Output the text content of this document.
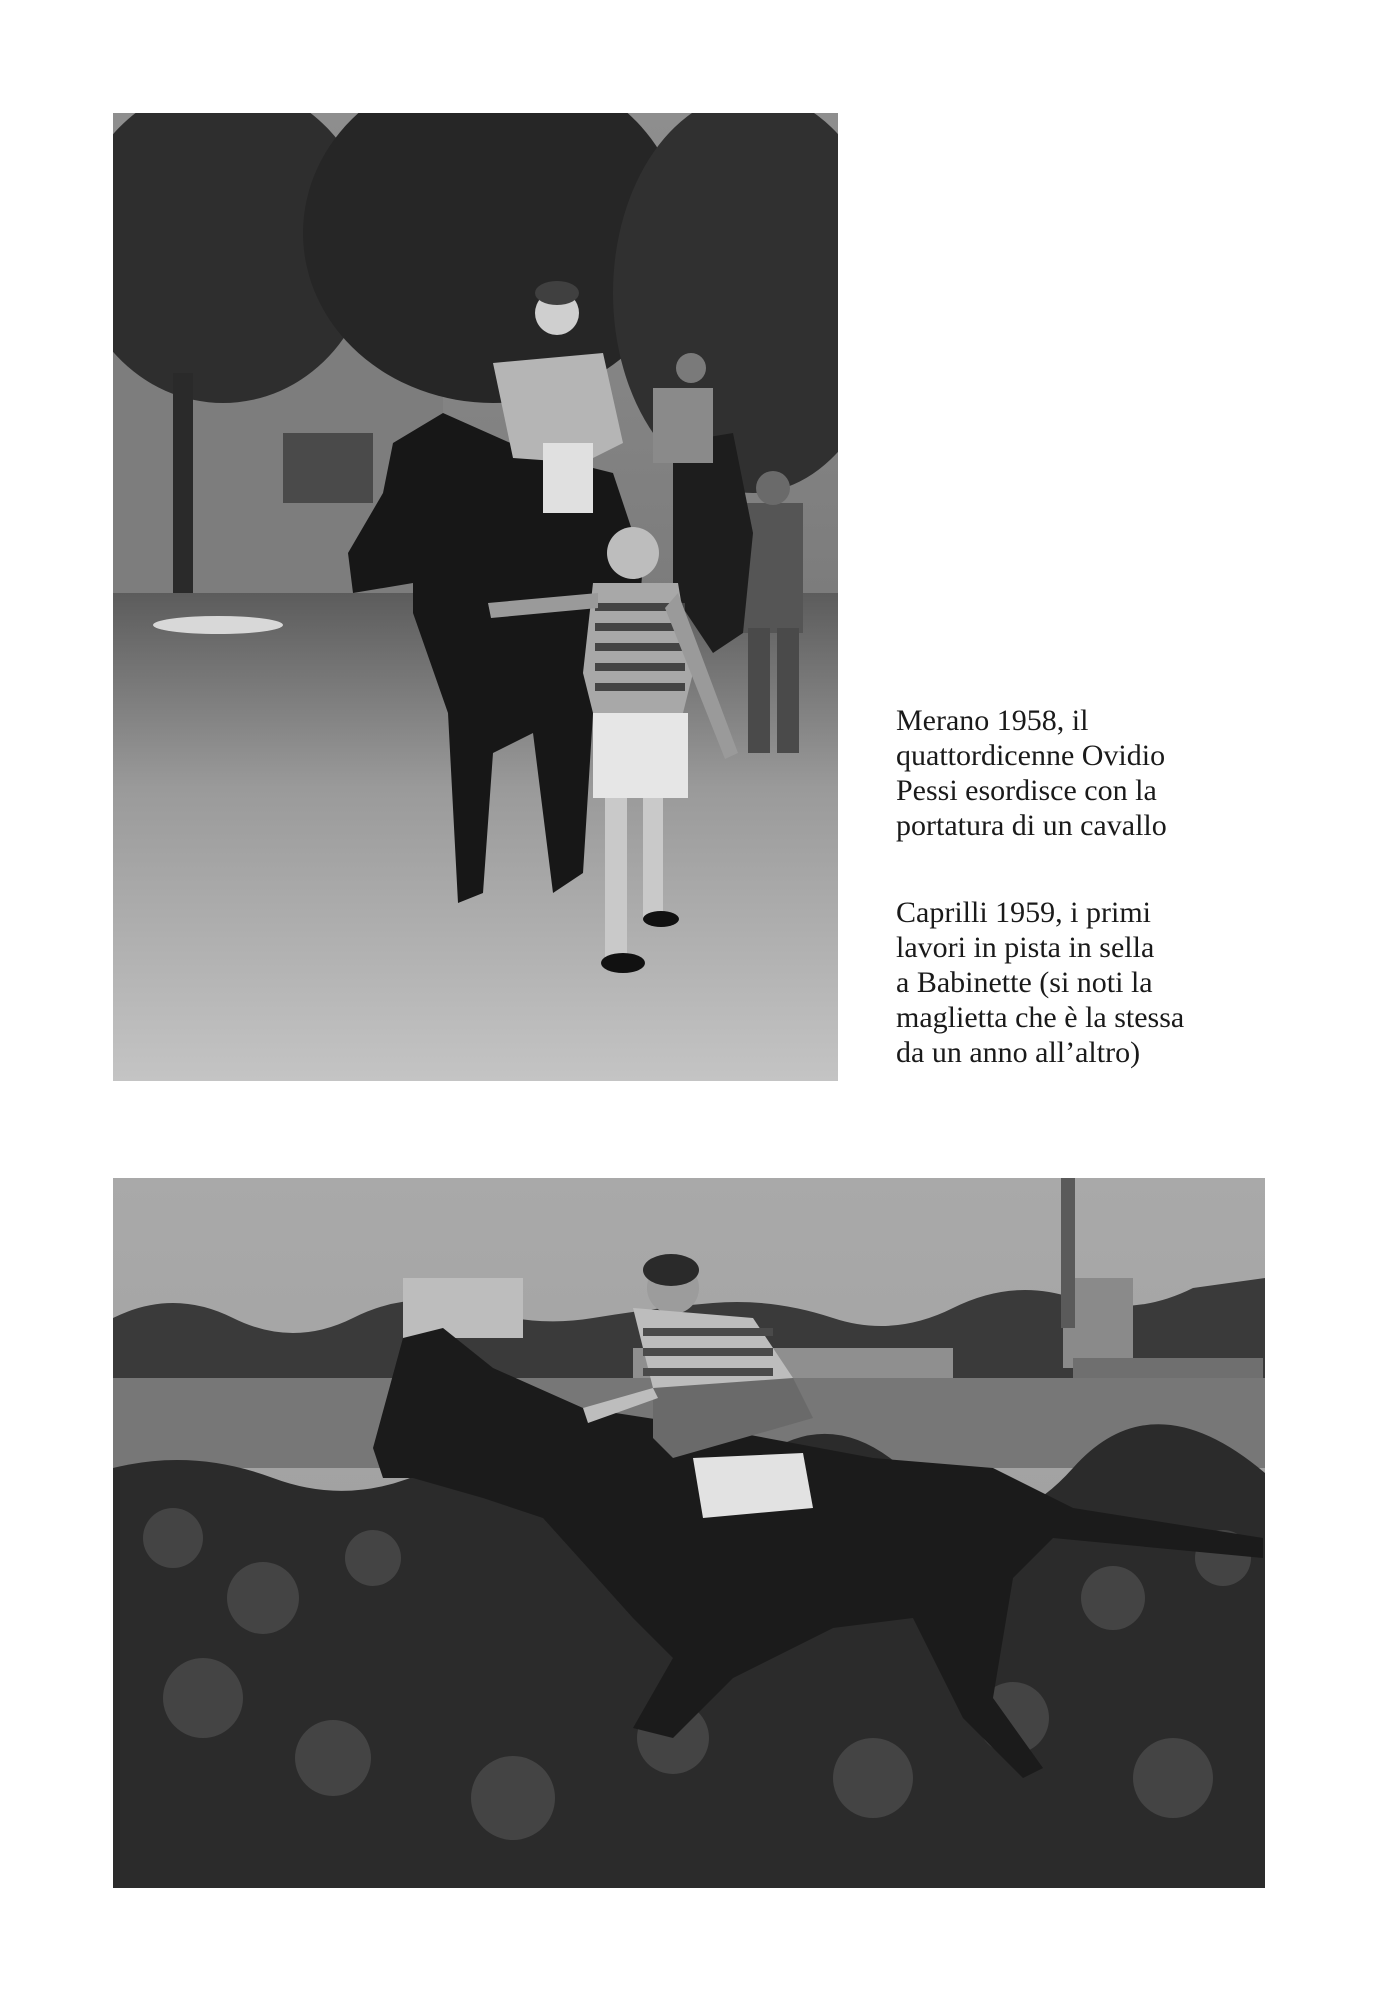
Merano 1958, il
quattordicenne Ovidio
Pessi esordisce con la
portatura di un cavallo
Caprilli 1959, i primi
lavori in pista in sella
a Babinette (si noti la
maglietta che è la stessa
da un anno all’altro)
